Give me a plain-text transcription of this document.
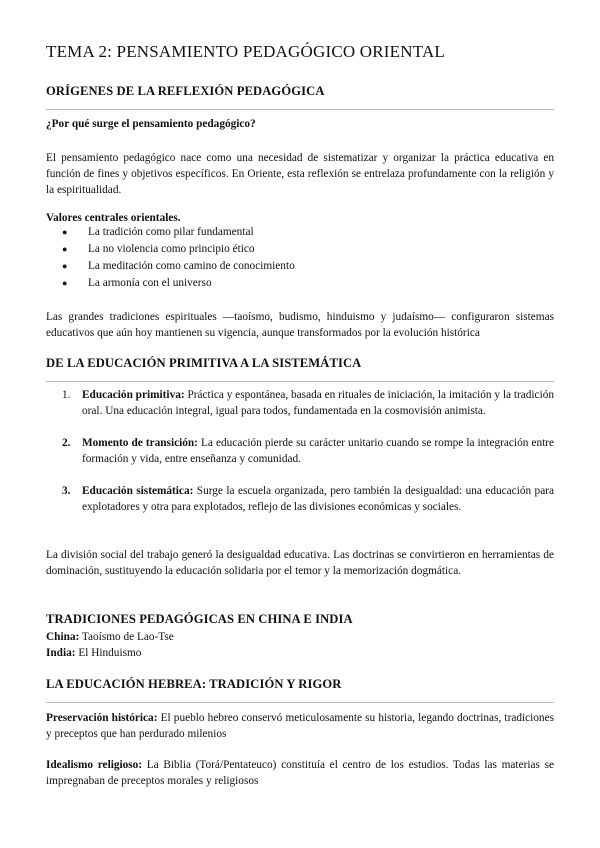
TEMA 2: PENSAMIENTO PEDAGÓGICO ORIENTAL
ORÍGENES DE LA REFLEXIÓN PEDAGÓGICA
¿Por qué surge el pensamiento pedagógico?

El pensamiento pedagógico nace como una necesidad de sistematizar y organizar la práctica educativa en función de fines y objetivos específicos. En Oriente, esta reflexión se entrelaza profundamente con la religión y la espiritualidad.

Valores centrales orientales.
● La tradición como pilar fundamental
● La no violencia como principio ético
● La meditación como camino de conocimiento
● La armonía con el universo

Las grandes tradiciones espirituales —taoísmo, budismo, hinduismo y judaísmo— configuraron sistemas educativos que aún hoy mantienen su vigencia, aunque transformados por la evolución histórica

DE LA EDUCACIÓN PRIMITIVA A LA SISTEMÁTICA
1. Educación primitiva: Práctica y espontánea, basada en rituales de iniciación, la imitación y la tradición oral. Una educación integral, igual para todos, fundamentada en la cosmovisión animista.
2. Momento de transición: La educación pierde su carácter unitario cuando se rompe la integración entre formación y vida, entre enseñanza y comunidad.
3. Educación sistemática: Surge la escuela organizada, pero también la desigualdad: una educación para explotadores y otra para explotados, reflejo de las divisiones económicas y sociales.

La división social del trabajo generó la desigualdad educativa. Las doctrinas se convirtieron en herramientas de dominación, sustituyendo la educación solidaria por el temor y la memorización dogmática.

TRADICIONES PEDAGÓGICAS EN CHINA E INDIA

China: Taoísmo de Lao-Tse

India: El Hinduismo

LA EDUCACIÓN HEBREA: TRADICIÓN Y RIGOR

Preservación histórica: El pueblo hebreo conservó meticulosamente su historia, legando doctrinas, tradiciones y preceptos que han perdurado milenios

Idealismo religioso: La Biblia (Torá/Pentateuco) constituía el centro de los estudios. Todas las materias se impregnaban de preceptos morales y religiosos
